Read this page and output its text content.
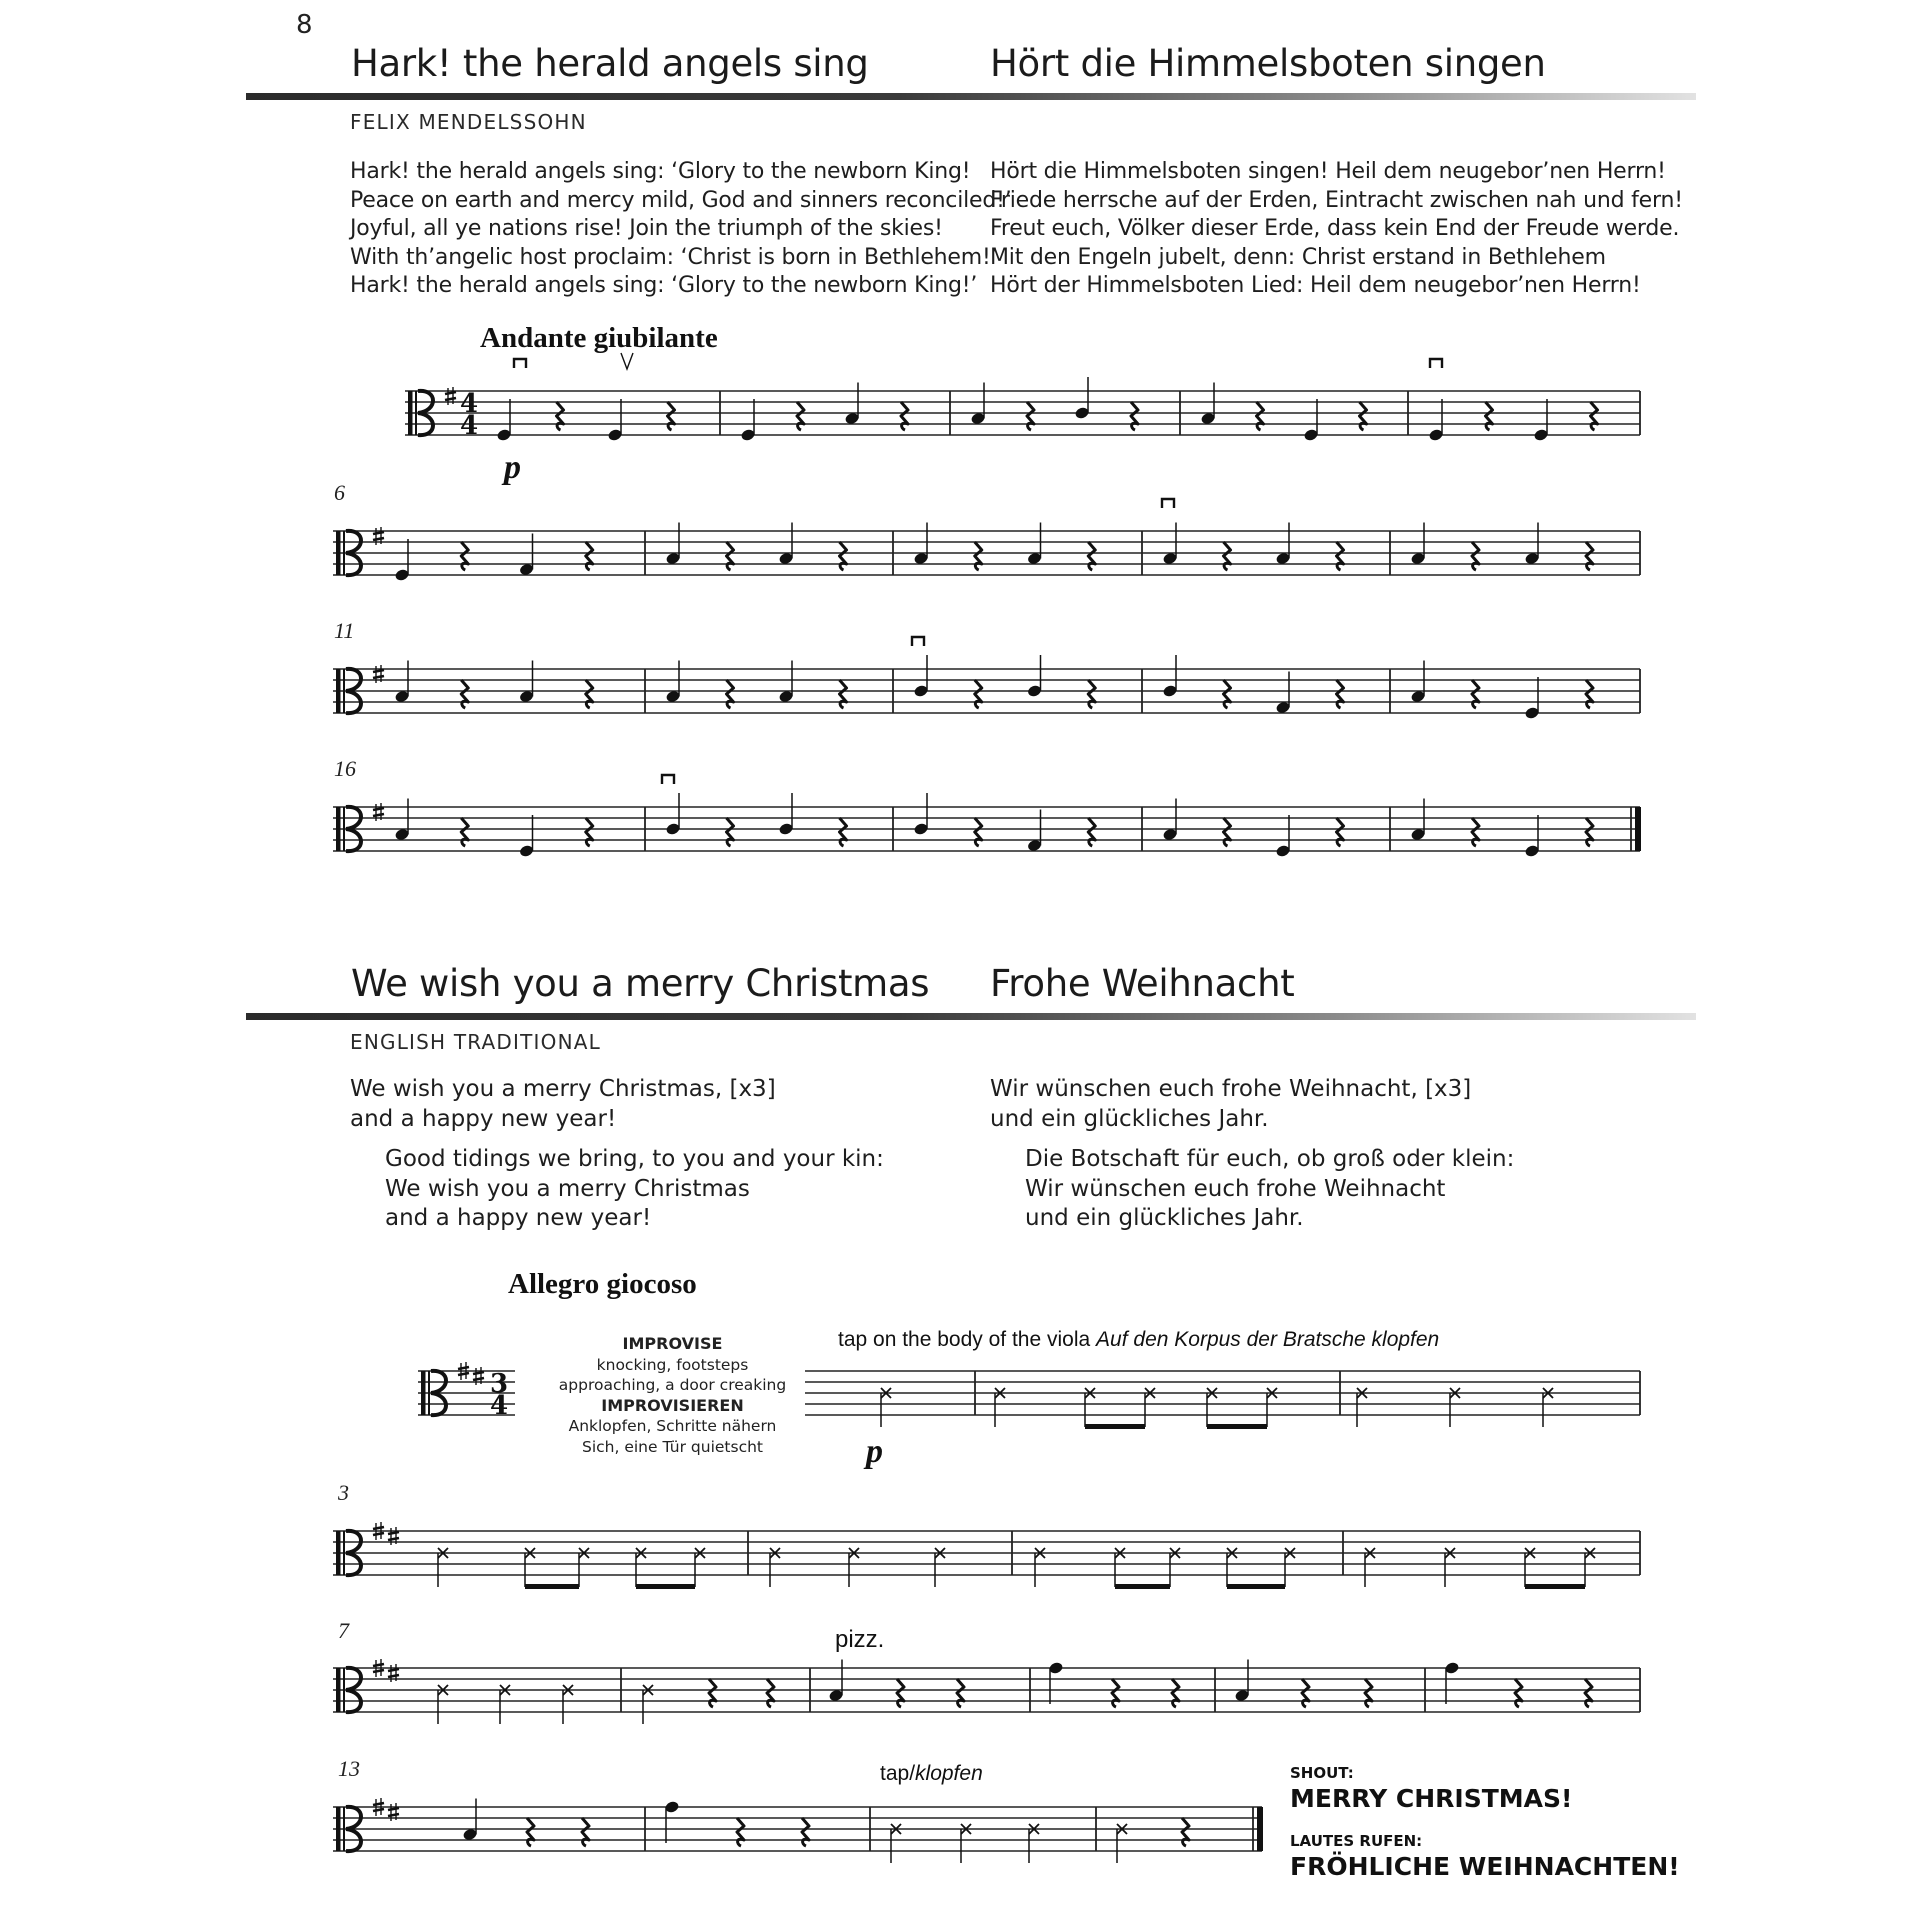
8
Hark! the herald angels sing	Hört die Himmelsboten singen
FELIX MENDELSSOHN
Hark! the herald angels sing: ‘Glory to the newborn King!
Peace on earth and mercy mild, God and sinners reconciled!’
Joyful, all ye nations rise! Join the triumph of the skies!
With th’angelic host proclaim: ‘Christ is born in Bethlehem!’
Hark! the herald angels sing: ‘Glory to the newborn King!’
Hört die Himmelsboten singen! Heil dem neugebor’nen Herrn!
Friede herrsche auf der Erden, Eintracht zwischen nah und fern!
Freut euch, Völker dieser Erde, dass kein End der Freude werde.
Mit den Engeln jubelt, denn: Christ erstand in Bethlehem
Hört der Himmelsboten Lied: Heil dem neugebor’nen Herrn!
Andante giubilante
6
11
16
We wish you a merry Christmas Frohe Weihnacht
ENGLISH TRADITIONAL
We wish you a merry Christmas, [x3]
and a happy new year!
Good tidings we bring, to you and your kin:
We wish you a merry Christmas
and a happy new year!
Wir wünschen euch frohe Weihnacht, [x3]
und ein glückliches Jahr.
Die Botschaft für euch, ob groß oder klein:
Wir wünschen euch frohe Weihnacht
und ein glückliches Jahr.
Allegro giocoso
IMPROVISE
knocking, footsteps
approaching, a door creaking
IMPROVISIEREN
Anklopfen, Schritte nähern
Sich, eine Tür quietscht
tap on the body of the viola Auf den Korpus der Bratsche klopfen
3
7
13
pizz.
tap/klopfen	SHOUT:
MERRY CHRISTMAS!
LAUTES RUFEN:
FRÖHLICHE WEIHNACHTEN!
p
p
4
4
3
4
